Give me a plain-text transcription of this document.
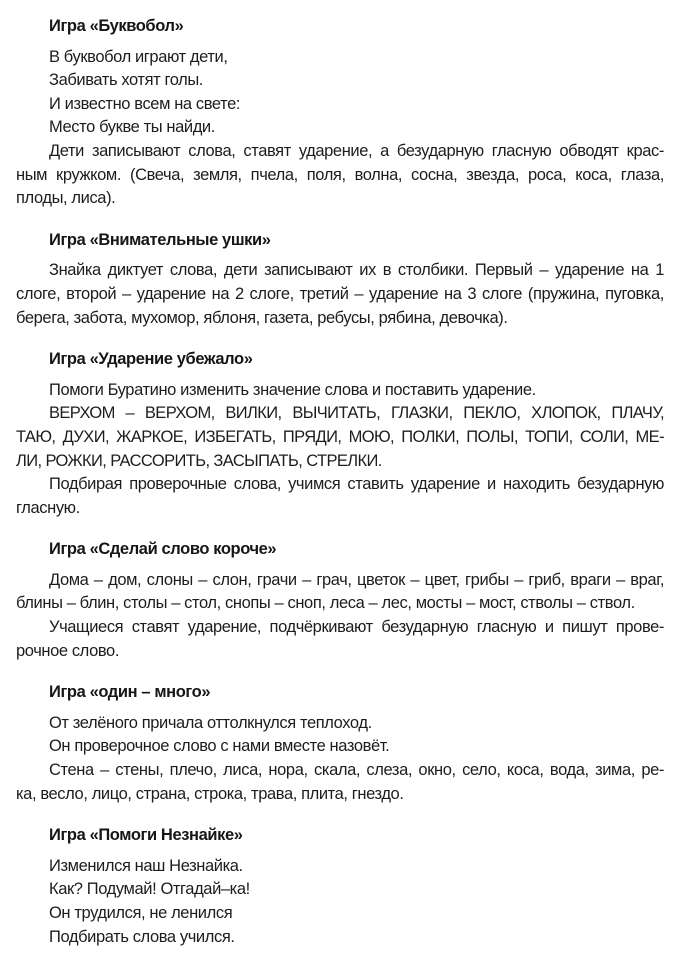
Игра «Буквобол»
В буквобол играют дети,
Забивать хотят голы.
И известно всем на свете:
Место букве ты найди.
Дети записывают слова, ставят ударение, а безударную гласную обводят крас-
ным кружком. (Свеча, земля, пчела, поля, волна, сосна, звезда, роса, коса, глаза,
плоды, лиса).
Игра «Внимательные ушки»
Знайка диктует слова, дети записывают их в столбики. Первый – ударение на 1
слоге, второй – ударение на 2 слоге, третий – ударение на 3 слоге (пружина, пуговка,
берега, забота, мухомор, яблоня, газета, ребусы, рябина, девочка).
Игра «Ударение убежало»
Помоги Буратино изменить значение слова и поставить ударение.
ВЕРХОМ – ВЕРХОМ, ВИЛКИ, ВЫЧИТАТЬ, ГЛАЗКИ, ПЕКЛО, ХЛОПОК, ПЛАЧУ,
ТАЮ, ДУХИ, ЖАРКОЕ, ИЗБЕГАТЬ, ПРЯДИ, МОЮ, ПОЛКИ, ПОЛЫ, ТОПИ, СОЛИ, МЕ-
ЛИ, РОЖКИ, РАССОРИТЬ, ЗАСЫПАТЬ, СТРЕЛКИ.
Подбирая проверочные слова, учимся ставить ударение и находить безударную
гласную.
Игра «Сделай слово короче»
Дома – дом, слоны – слон, грачи – грач, цветок – цвет, грибы – гриб, враги – враг,
блины – блин, столы – стол, снопы – сноп, леса – лес, мосты – мост, стволы – ствол.
Учащиеся ставят ударение, подчёркивают безударную гласную и пишут прове-
рочное слово.
Игра «один – много»
От зелёного причала оттолкнулся теплоход.
Он проверочное слово с нами вместе назовёт.
Стена – стены, плечо, лиса, нора, скала, слеза, окно, село, коса, вода, зима, ре-
ка, весло, лицо, страна, строка, трава, плита, гнездо.
Игра «Помоги Незнайке»
Изменился наш Незнайка.
Как? Подумай! Отгадай–ка!
Он трудился, не ленился
Подбирать слова учился.
